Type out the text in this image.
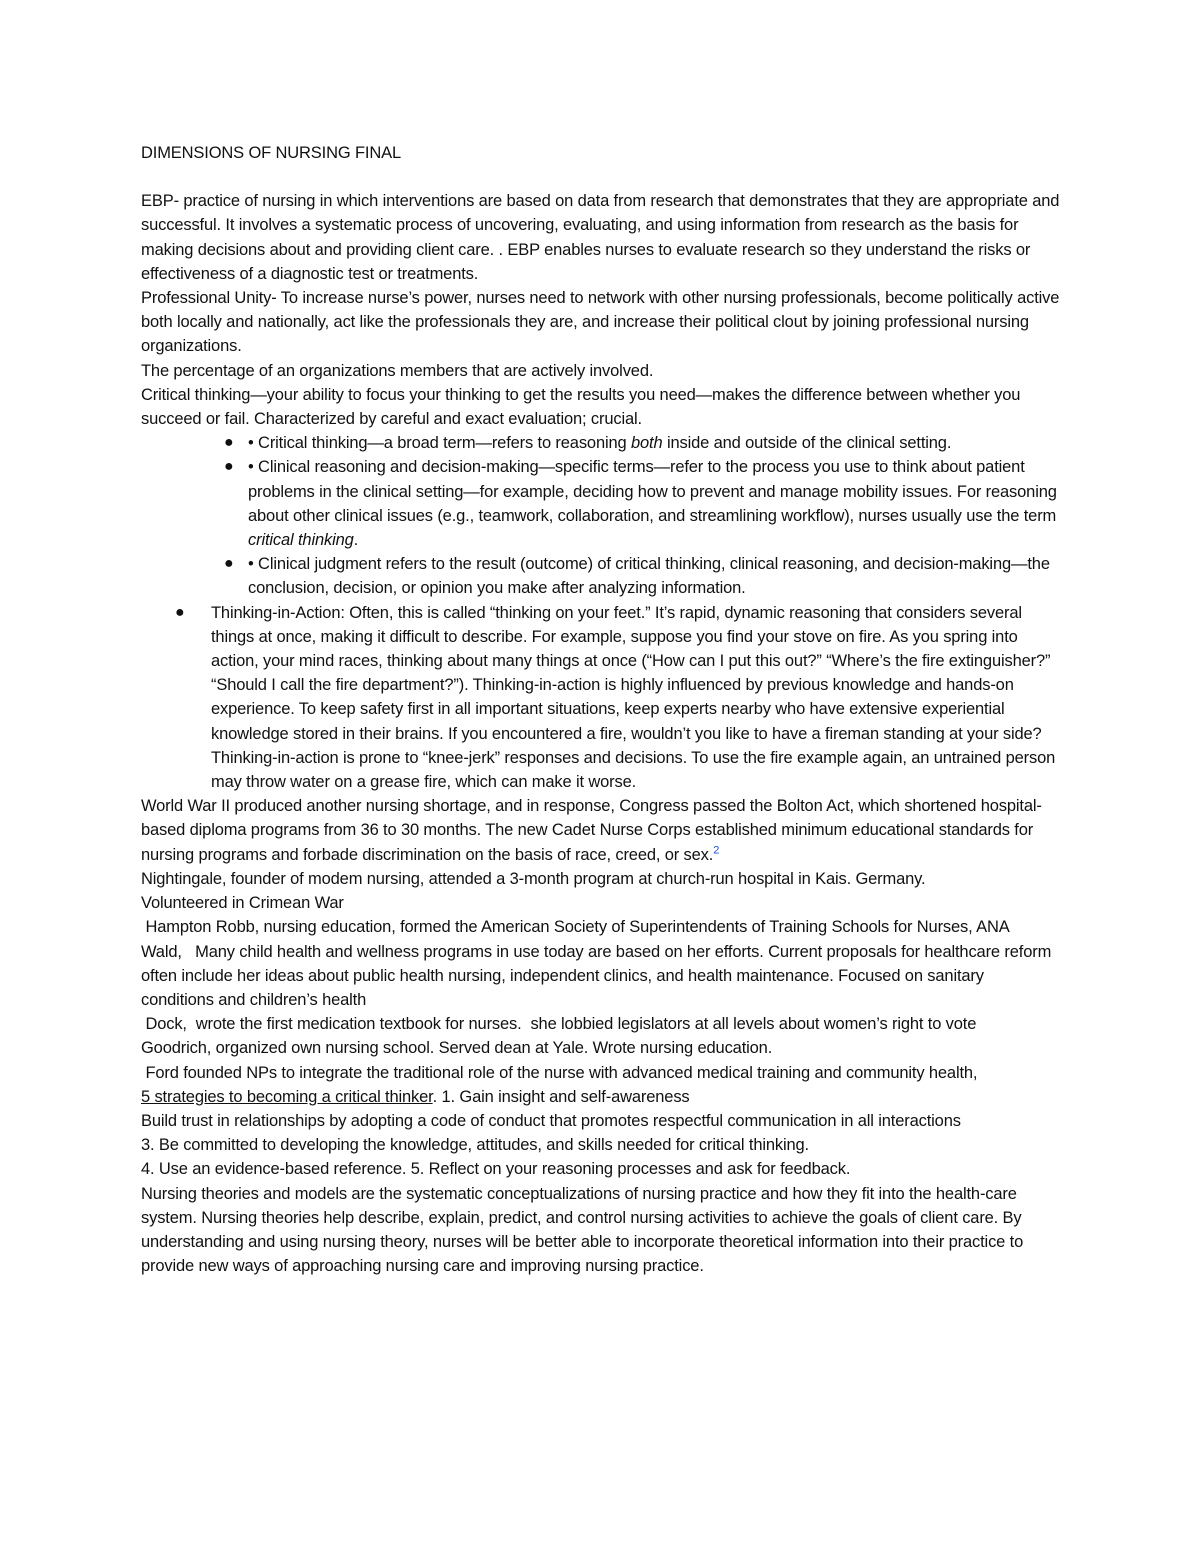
DIMENSIONS OF NURSING FINAL

EBP- practice of nursing in which interventions are based on data from research that demonstrates that they are appropriate and successful. It involves a systematic process of uncovering, evaluating, and using information from research as the basis for making decisions about and providing client care. . EBP enables nurses to evaluate research so they understand the risks or effectiveness of a diagnostic test or treatments.

Professional Unity- To increase nurse’s power, nurses need to network with other nursing professionals, become politically active both locally and nationally, act like the professionals they are, and increase their political clout by joining professional nursing organizations.

The percentage of an organizations members that are actively involved.

Critical thinking—your ability to focus your thinking to get the results you need—makes the difference between whether you succeed or fail. Characterized by careful and exact evaluation; crucial.

● • Critical thinking—a broad term—refers to reasoning both inside and outside of the clinical setting.
● • Clinical reasoning and decision-making—specific terms—refer to the process you use to think about patient problems in the clinical setting—for example, deciding how to prevent and manage mobility issues. For reasoning about other clinical issues (e.g., teamwork, collaboration, and streamlining workflow), nurses usually use the term critical thinking.
● • Clinical judgment refers to the result (outcome) of critical thinking, clinical reasoning, and decision-making—the conclusion, decision, or opinion you make after analyzing information.
● Thinking-in-Action: Often, this is called “thinking on your feet.” It’s rapid, dynamic reasoning that considers several things at once, making it difficult to describe. For example, suppose you find your stove on fire. As you spring into action, your mind races, thinking about many things at once (“How can I put this out?” “Where’s the fire extinguisher?” “Should I call the fire department?”). Thinking-in-action is highly influenced by previous knowledge and hands-on experience. To keep safety first in all important situations, keep experts nearby who have extensive experiential knowledge stored in their brains. If you encountered a fire, wouldn’t you like to have a fireman standing at your side? Thinking-in-action is prone to “knee-jerk” responses and decisions. To use the fire example again, an untrained person may throw water on a grease fire, which can make it worse.

World War II produced another nursing shortage, and in response, Congress passed the Bolton Act, which shortened hospital-based diploma programs from 36 to 30 months. The new Cadet Nurse Corps established minimum educational standards for nursing programs and forbade discrimination on the basis of race, creed, or sex.$^2$

Nightingale, founder of modem nursing, attended a 3-month program at church-run hospital in Kais. Germany.

Volunteered in Crimean War

Hampton Robb, nursing education, formed the American Society of Superintendents of Training Schools for Nurses, ANA

Wald,   Many child health and wellness programs in use today are based on her efforts. Current proposals for healthcare reform often include her ideas about public health nursing, independent clinics, and health maintenance. Focused on sanitary conditions and children’s health

Dock,  wrote the first medication textbook for nurses.  she lobbied legislators at all levels about women’s right to vote

Goodrich, organized own nursing school. Served dean at Yale. Wrote nursing education.

Ford founded NPs to integrate the traditional role of the nurse with advanced medical training and community health,

5 strategies to becoming a critical thinker. 1. Gain insight and self-awareness

Build trust in relationships by adopting a code of conduct that promotes respectful communication in all interactions

3. Be committed to developing the knowledge, attitudes, and skills needed for critical thinking.

4. Use an evidence-based reference. 5. Reflect on your reasoning processes and ask for feedback.

Nursing theories and models are the systematic conceptualizations of nursing practice and how they fit into the health-care system. Nursing theories help describe, explain, predict, and control nursing activities to achieve the goals of client care. By understanding and using nursing theory, nurses will be better able to incorporate theoretical information into their practice to provide new ways of approaching nursing care and improving nursing practice.
